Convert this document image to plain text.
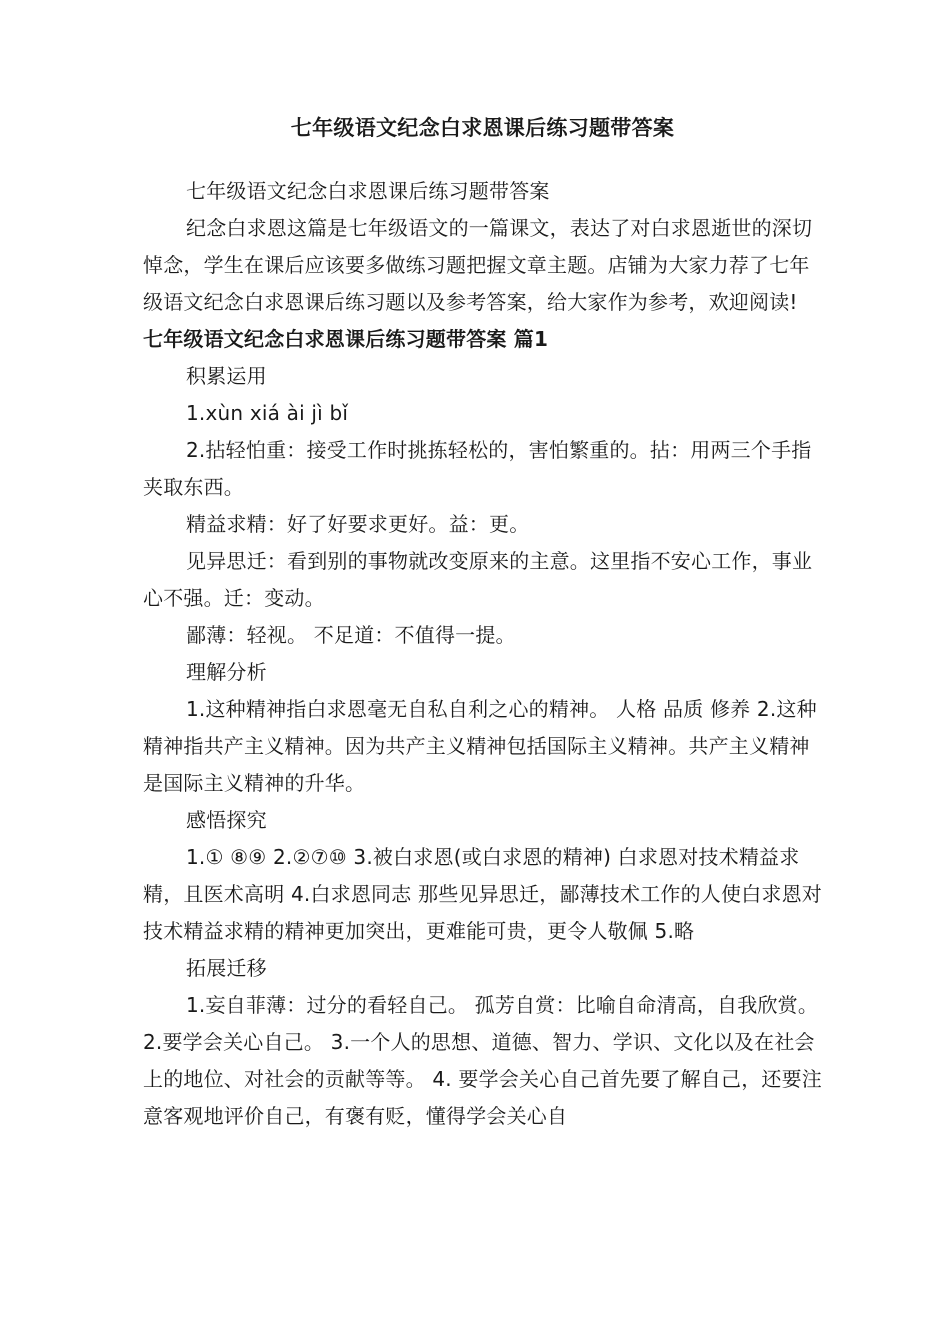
七年级语文纪念白求恩课后练习题带答案

七年级语文纪念白求恩课后练习题带答案

纪念白求恩这篇是七年级语文的一篇课文，表达了对白求恩逝世的深切悼念，学生在课后应该要多做练习题把握文章主题。店铺为大家力荐了七年级语文纪念白求恩课后练习题以及参考答案，给大家作为参考，欢迎阅读!

七年级语文纪念白求恩课后练习题带答案 篇1

积累运用

1.xùn xiá ài jì bǐ

2.拈轻怕重：接受工作时挑拣轻松的，害怕繁重的。拈：用两三个手指夹取东西。

精益求精：好了好要求更好。益：更。

见异思迁：看到别的事物就改变原来的主意。这里指不安心工作，事业心不强。迁：变动。

鄙薄：轻视。 不足道：不值得一提。

理解分析

1.这种精神指白求恩毫无自私自利之心的精神。 人格 品质 修养 2.这种精神指共产主义精神。因为共产主义精神包括国际主义精神。共产主义精神是国际主义精神的升华。

感悟探究

1.① ⑧⑨ 2.②⑦⑩ 3.被白求恩(或白求恩的精神) 白求恩对技术精益求精，且医术高明 4.白求恩同志 那些见异思迁，鄙薄技术工作的人使白求恩对技术精益求精的精神更加突出，更难能可贵，更令人敬佩 5.略

拓展迁移

1.妄自菲薄：过分的看轻自己。 孤芳自赏：比喻自命清高，自我欣赏。 2.要学会关心自己。 3.一个人的思想、道德、智力、学识、文化以及在社会上的地位、对社会的贡献等等。 4. 要学会关心自己首先要了解自己，还要注意客观地评价自己，有褒有贬，懂得学会关心自
